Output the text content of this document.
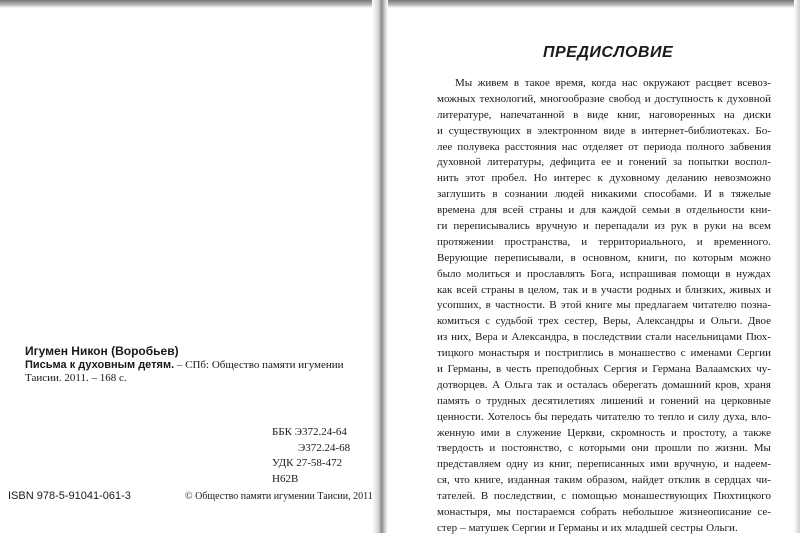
Игумен Никон (Воробьев)
Письма к духовным детям. – СПб: Общество памяти игумении Таисии. 2011. – 168 с.
ББК Э372.24-64
Э372.24-68
УДК 27-58-472
Н62В
ISBN 978-5-91041-061-3	© Общество памяти игумении Таисии, 2011
ПРЕДИСЛОВИЕ
Мы живем в такое время, когда нас окружают расцвет всевоз-
можных технологий, многообразие свобод и доступность к духовной
литературе, напечатанной в виде книг, наговоренных на диски
и существующих в электронном виде в интернет-библиотеках. Бо-
лее полувека расстояния нас отделяет от периода полного забвения
духовной литературы, дефицита ее и гонений за попытки воспол-
нить этот пробел. Но интерес к духовному деланию невозможно
заглушить в сознании людей никакими способами. И в тяжелые
времена для всей страны и для каждой семьи в отдельности кни-
ги переписывались вручную и перепадали из рук в руки на всем
протяжении пространства, и территориального, и временного.
Верующие переписывали, в основном, книги, по которым можно
было молиться и прославлять Бога, испрашивая помощи в нуждах
как всей страны в целом, так и в участи родных и близких, живых и
усопших, в частности. В этой книге мы предлагаем читателю позна-
комиться с судьбой трех сестер, Веры, Александры и Ольги. Двое
из них, Вера и Александра, в последствии стали насельницами Пюх-
тицкого монастыря и постриглись в монашество с именами Сергии
и Германы, в честь преподобных Сергия и Германа Валаамских чу-
дотворцев. А Ольга так и осталась оберегать домашний кров, храня
память о трудных десятилетиях лишений и гонений на церковные
ценности. Хотелось бы передать читателю то тепло и силу духа, вло-
женную ими в служение Церкви, скромность и простоту, а также
твердость и постоянство, с которыми они прошли по жизни. Мы
представляем одну из книг, переписанных ими вручную, и надеем-
ся, что книге, изданная таким образом, найдет отклик в сердцах чи-
тателей. В последствии, с помощью монашествующих Пюхтицкого
монастыря, мы постараемся собрать небольшое жизнеописание се-
стер – матушек Сергии и Германы и их младшей сестры Ольги.
